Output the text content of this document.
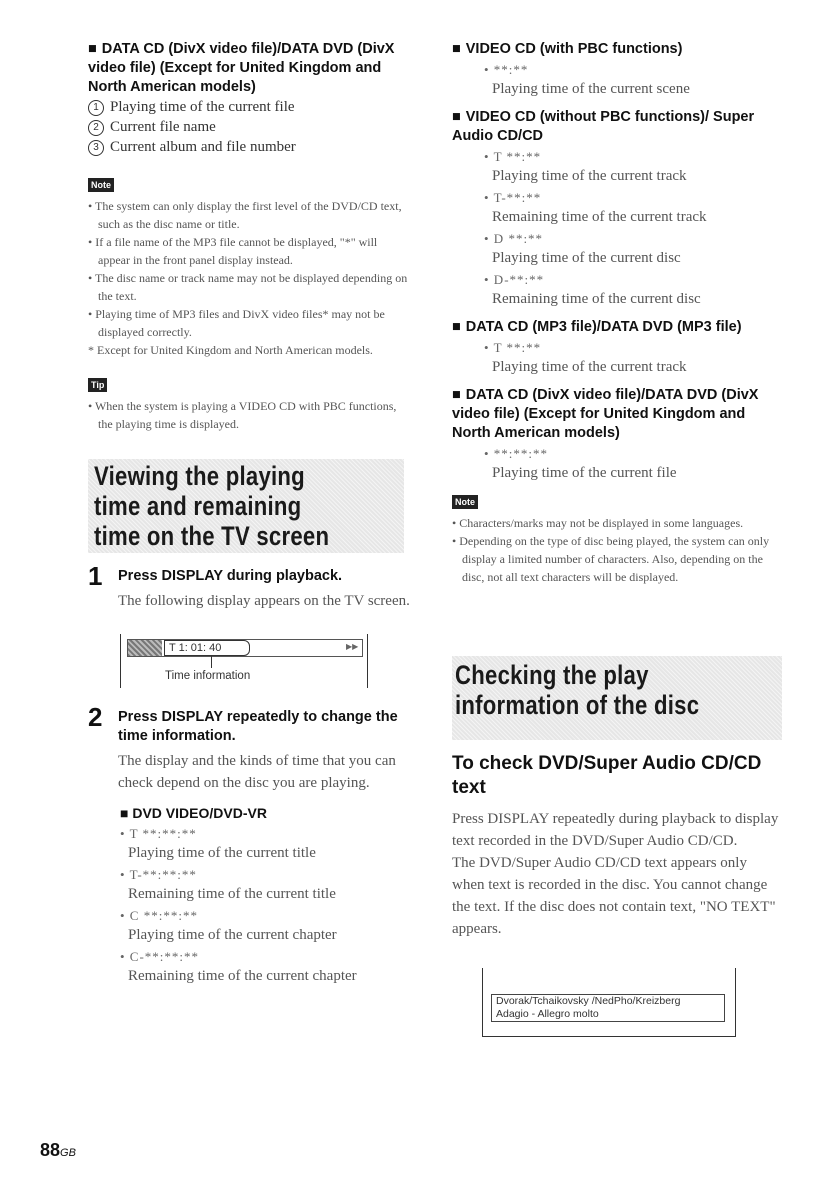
■ DATA CD (DivX video file)/DATA DVD (DivX video file) (Except for United Kingdom and North American models)

1 Playing time of the current file

2 Current file name

3 Current album and file number

Note
• The system can only display the first level of the DVD/CD text, such as the disc name or title.
• If a file name of the MP3 file cannot be displayed, "*" will appear in the front panel display instead.
• The disc name or track name may not be displayed depending on the text.
• Playing time of MP3 files and DivX video files* may not be displayed correctly.
* Except for United Kingdom and North American models.
Tip
• When the system is playing a VIDEO CD with PBC functions, the playing time is displayed.
Viewing the playing time and remaining time on the TV screen
1 Press DISPLAY during playback.

The following display appears on the TV screen.

T 1: 01: 40	▶▶
Time information
2 Press DISPLAY repeatedly to change the time information.

The display and the kinds of time that you can check depend on the disc you are playing.

■ DVD VIDEO/DVD-VR

• T **:**:**
Playing time of the current title
• T-**:**:**
Remaining time of the current title
• C **:**:**
Playing time of the current chapter
• C-**:**:**
Remaining time of the current chapter

■ VIDEO CD (with PBC functions)

• **:**
Playing time of the current scene

■ VIDEO CD (without PBC functions)/ Super Audio CD/CD

• T **:**
Playing time of the current track
• T-**:**
Remaining time of the current track
• D **:**
Playing time of the current disc
• D-**:**
Remaining time of the current disc

■ DATA CD (MP3 file)/DATA DVD (MP3 file)

• T **:**
Playing time of the current track

■ DATA CD (DivX video file)/DATA DVD (DivX video file) (Except for United Kingdom and North American models)

• **:**:**
Playing time of the current file
Note
• Characters/marks may not be displayed in some languages.
• Depending on the type of disc being played, the system can only display a limited number of characters. Also, depending on the disc, not all text characters will be displayed.
Checking the play information of the disc

To check DVD/Super Audio CD/CD text

Press DISPLAY repeatedly during playback to display text recorded in the DVD/Super Audio CD/CD.

The DVD/Super Audio CD/CD text appears only when text is recorded in the disc. You cannot change the text. If the disc does not contain text, "NO TEXT" appears.

Dvorak/Tchaikovsky /NedPho/Kreizberg
Adagio - Allegro molto
88GB
